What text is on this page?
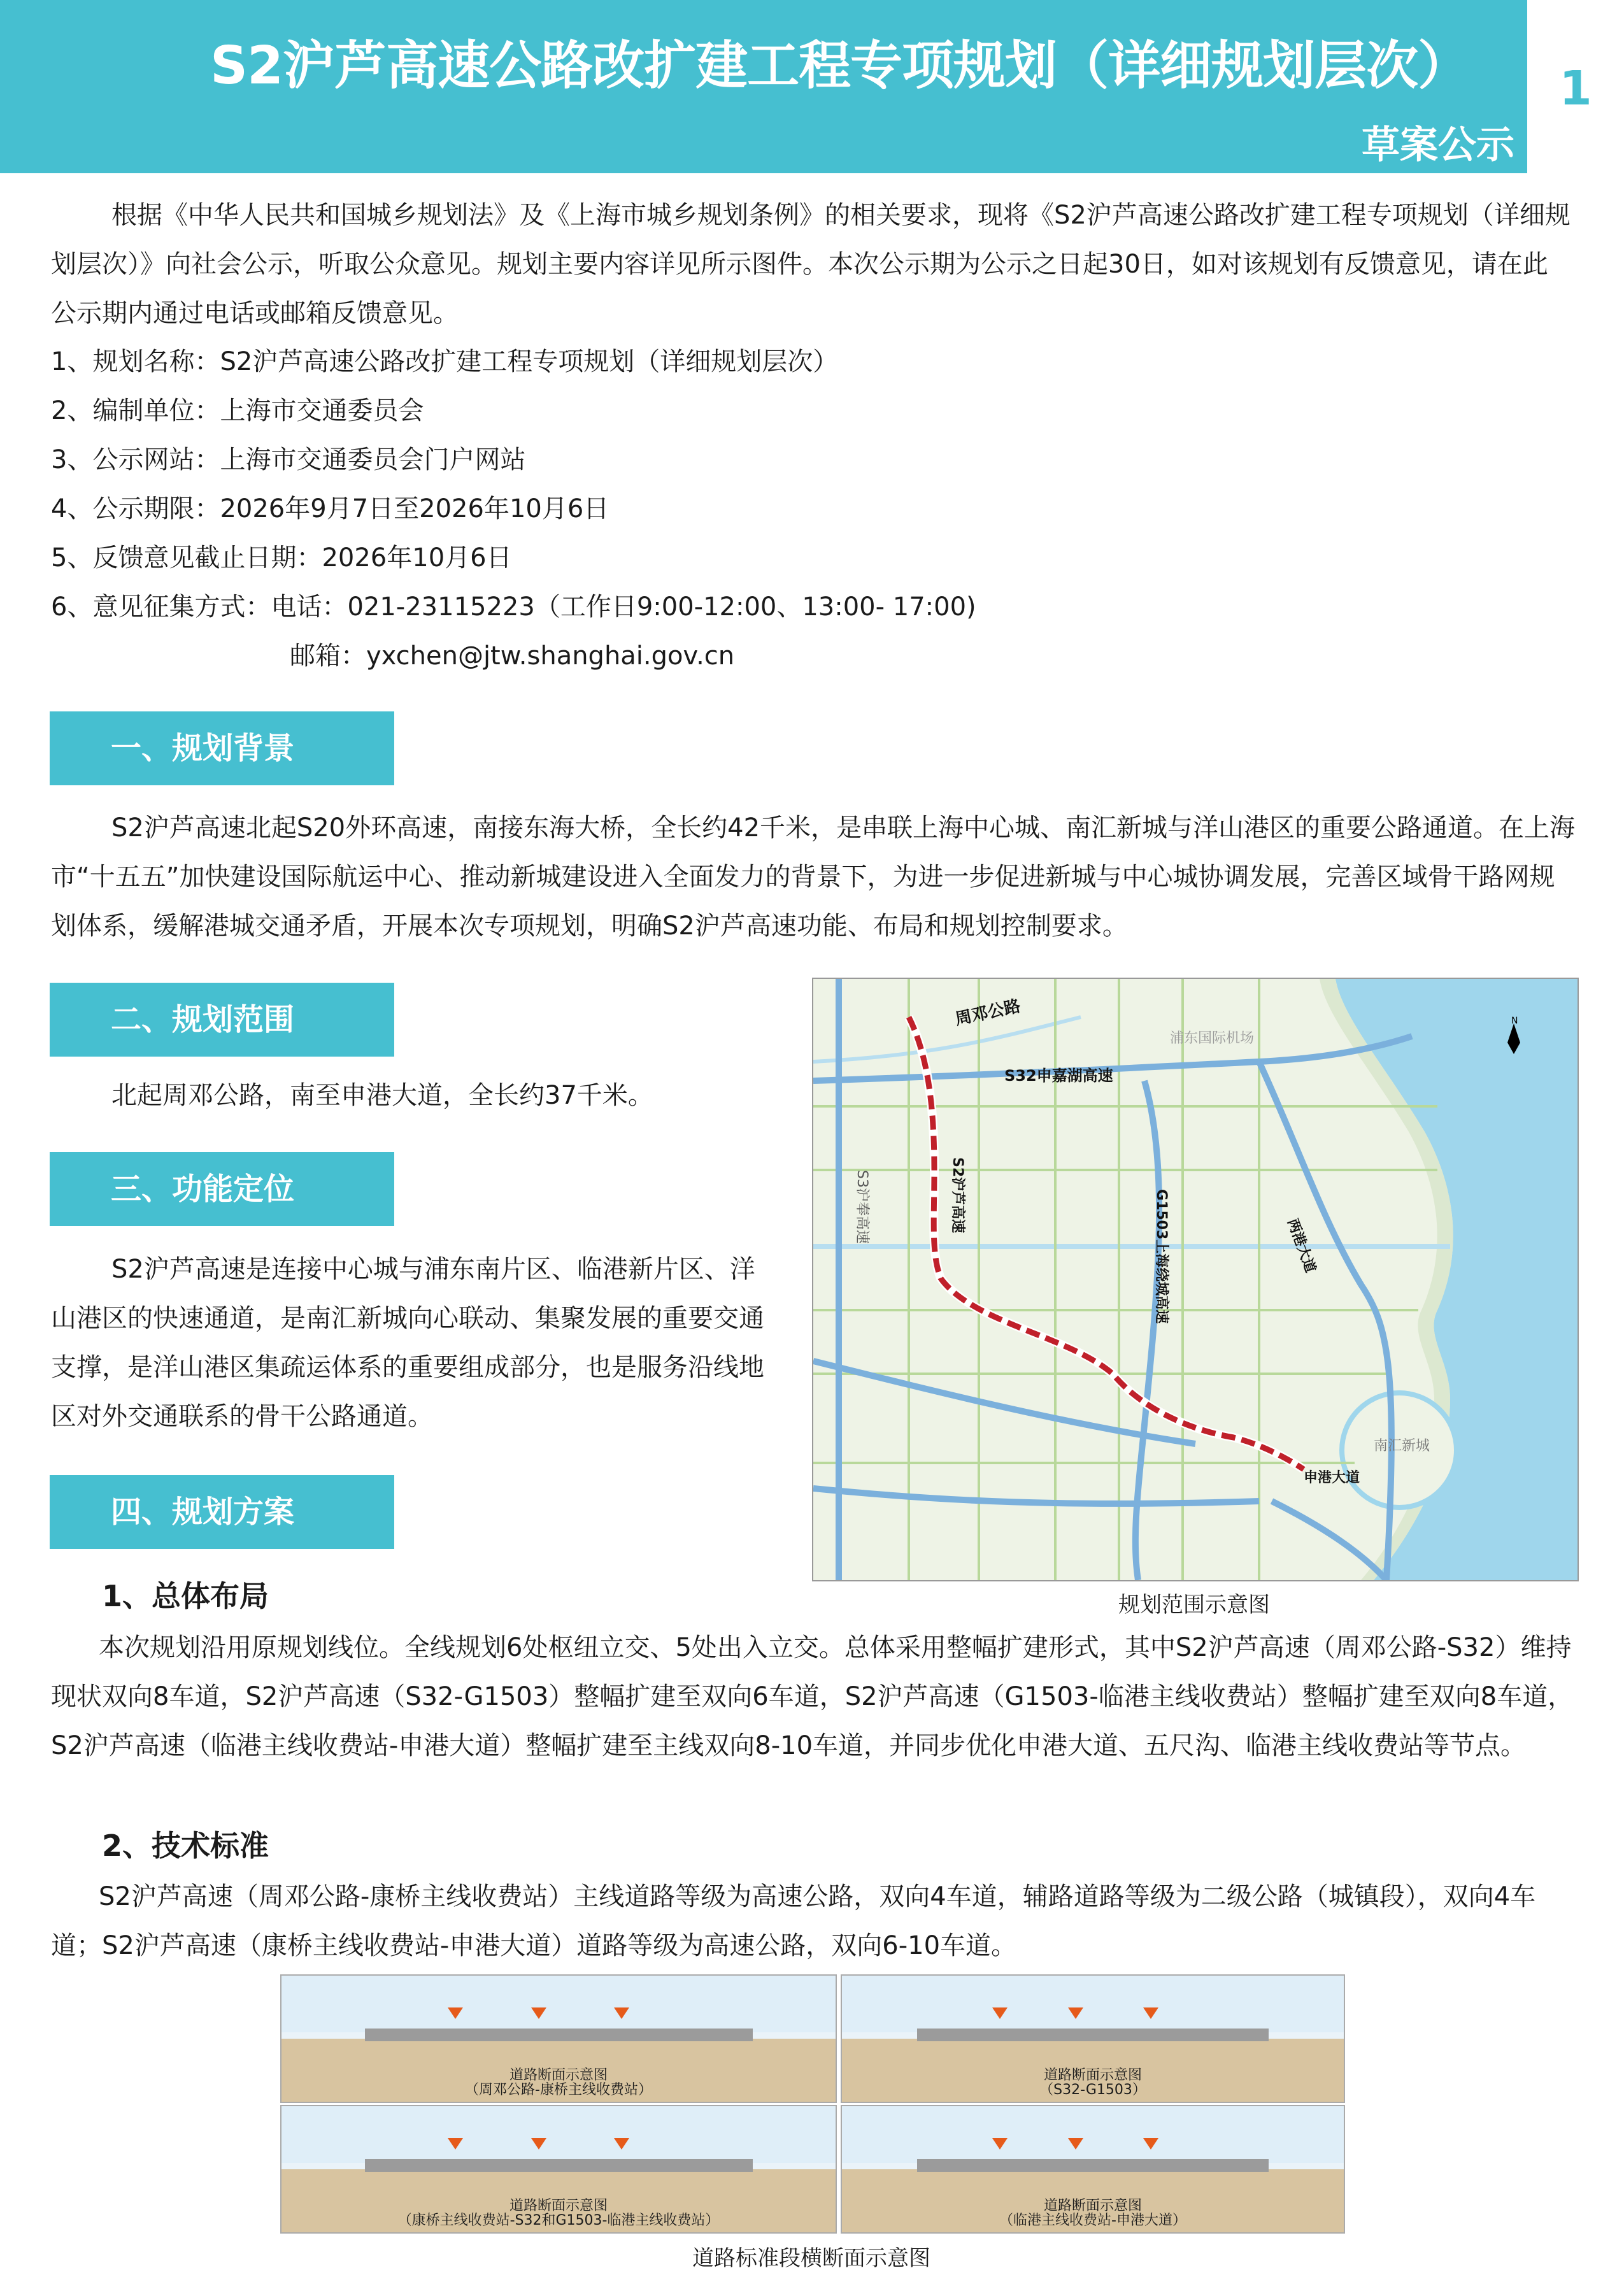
S2沪芦高速公路改扩建工程专项规划（详细规划层次）
草案公示
1
根据《中华人民共和国城乡规划法》及《上海市城乡规划条例》的相关要求，现将《S2沪芦高速公路改扩建工程专项规划（详细规划层次）》向社会公示，听取公众意见。规划主要内容详见所示图件。本次公示期为公示之日起30日，如对该规划有反馈意见，请在此公示期内通过电话或邮箱反馈意见。
1、规划名称：S2沪芦高速公路改扩建工程专项规划（详细规划层次）
2、编制单位：上海市交通委员会
3、公示网站：上海市交通委员会门户网站
4、公示期限：2026年9月7日至2026年10月6日
5、反馈意见截止日期：2026年10月6日
6、意见征集方式：电话：021-23115223（工作日9:00-12:00、13:00- 17:00)
邮箱：yxchen@jtw.shanghai.gov.cn
一、规划背景
S2沪芦高速北起S20外环高速，南接东海大桥，全长约42千米，是串联上海中心城、南汇新城与洋山港区的重要公路通道。在上海市“十五五”加快建设国际航运中心、推动新城建设进入全面发力的背景下，为进一步促进新城与中心城协调发展，完善区域骨干路网规划体系，缓解港城交通矛盾，开展本次专项规划，明确S2沪芦高速功能、布局和规划控制要求。
二、规划范围
北起周邓公路，南至申港大道，全长约37千米。
三、功能定位
S2沪芦高速是连接中心城与浦东南片区、临港新片区、洋山港区的快速通道，是南汇新城向心联动、集聚发展的重要交通支撑，是洋山港区集疏运体系的重要组成部分，也是服务沿线地区对外交通联系的骨干公路通道。
四、规划方案
1、总体布局
本次规划沿用原规划线位。全线规划6处枢纽立交、5处出入立交。总体采用整幅扩建形式，其中S2沪芦高速（周邓公路-S32）维持现状双向8车道，S2沪芦高速（S32-G1503）整幅扩建至双向6车道，S2沪芦高速（G1503-临港主线收费站）整幅扩建至双向8车道，S2沪芦高速（临港主线收费站-申港大道）整幅扩建至主线双向8-10车道，并同步优化申港大道、五尺沟、临港主线收费站等节点。
2、技术标准
S2沪芦高速（周邓公路-康桥主线收费站）主线道路等级为高速公路，双向4车道，辅路道路等级为二级公路（城镇段），双向4车道；S2沪芦高速（康桥主线收费站-申港大道）道路等级为高速公路，双向6-10车道。
周邓公路
S32申嘉湖高速
浦东国际机场
S2沪芦高速
S3沪奉高速	G1503上海绕城高速	两港大道
申港大道
南汇新城
N
规划范围示意图
道路断面示意图
（周邓公路-康桥主线收费站）
道路断面示意图
（S32-G1503）
道路断面示意图
（康桥主线收费站-S32和G1503-临港主线收费站）
道路断面示意图
（临港主线收费站-申港大道）
道路标准段横断面示意图
